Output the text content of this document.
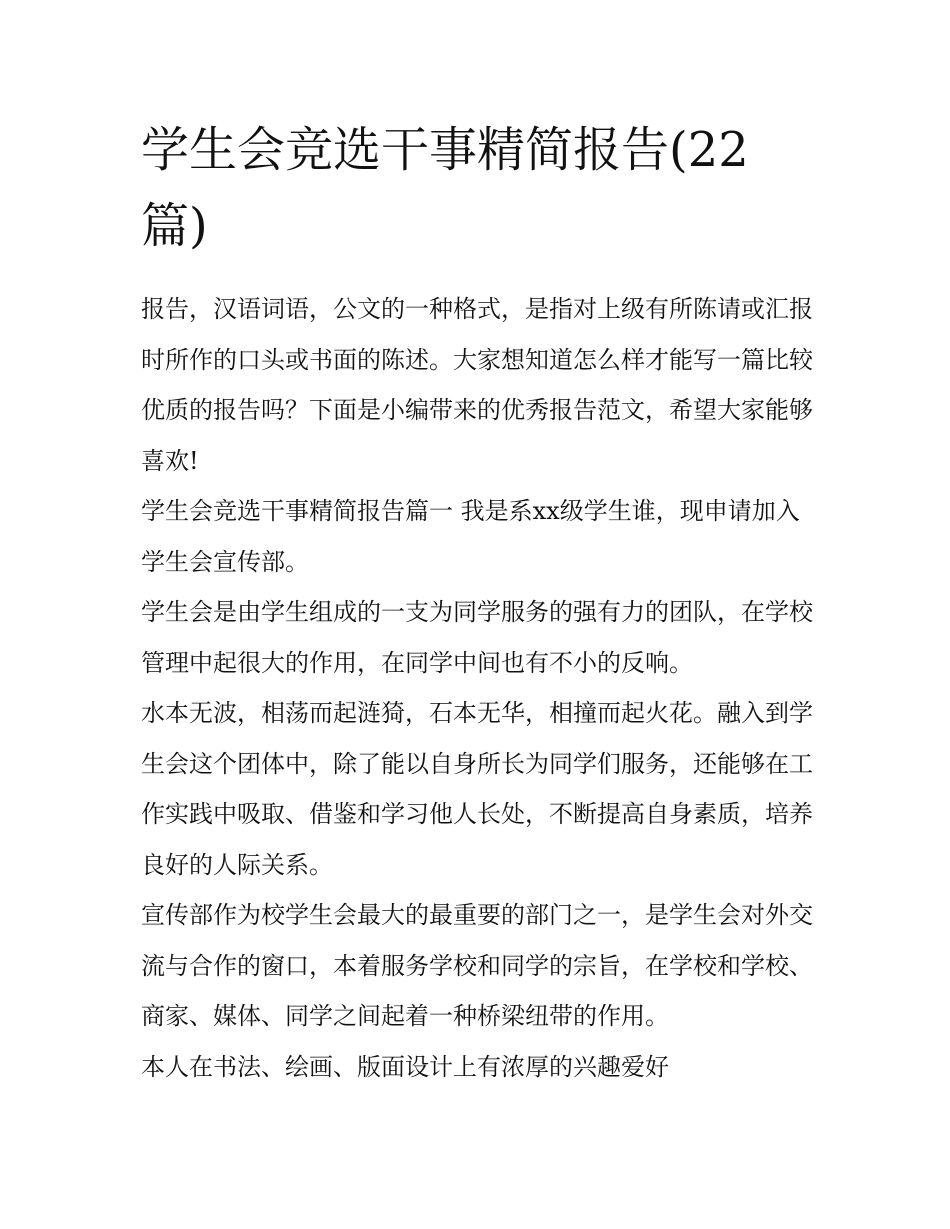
学生会竞选干事精简报告(22篇)

报告，汉语词语，公文的一种格式，是指对上级有所陈请或汇报时所作的口头或书面的陈述。大家想知道怎么样才能写一篇比较优质的报告吗？下面是小编带来的优秀报告范文，希望大家能够喜欢!

学生会竞选干事精简报告篇一 我是系xx级学生谁，现申请加入学生会宣传部。

学生会是由学生组成的一支为同学服务的强有力的团队，在学校管理中起很大的作用，在同学中间也有不小的反响。

水本无波，相荡而起涟猗，石本无华，相撞而起火花。融入到学生会这个团体中，除了能以自身所长为同学们服务，还能够在工作实践中吸取、借鉴和学习他人长处，不断提高自身素质，培养良好的人际关系。

宣传部作为校学生会最大的最重要的部门之一，是学生会对外交流与合作的窗口，本着服务学校和同学的宗旨，在学校和学校、商家、媒体、同学之间起着一种桥梁纽带的作用。

本人在书法、绘画、版面设计上有浓厚的兴趣爱好
